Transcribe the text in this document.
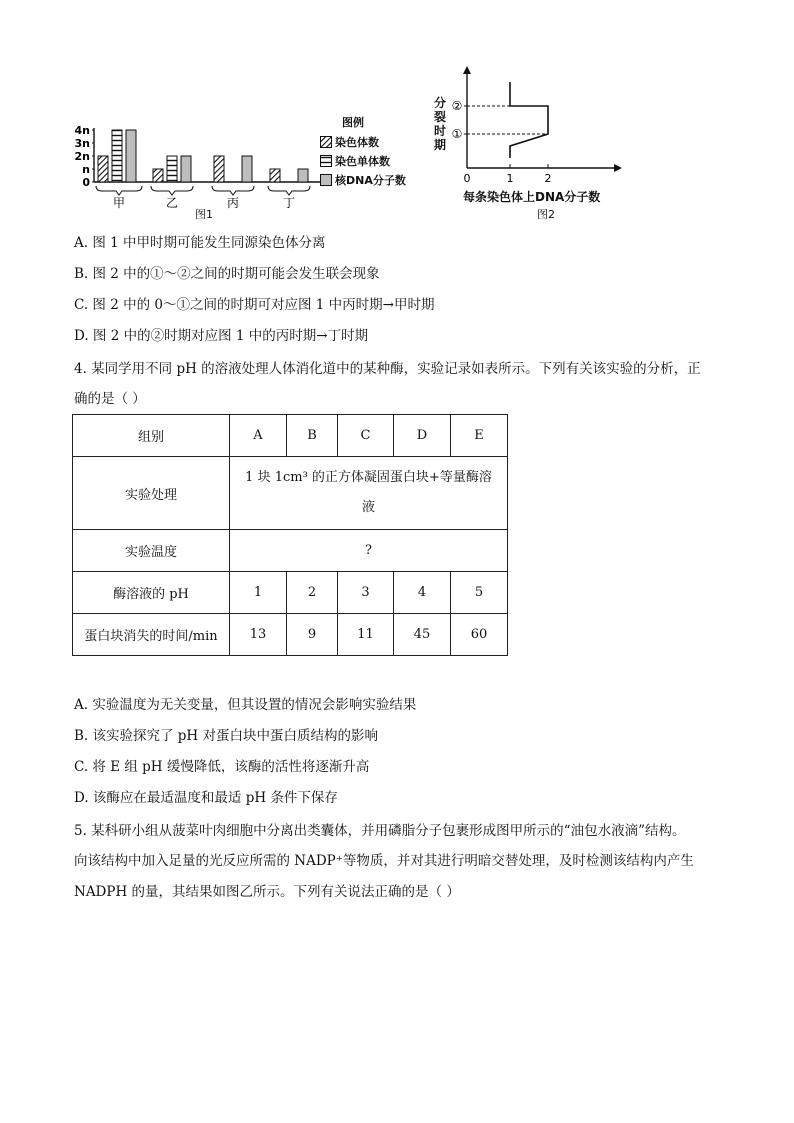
4n
3n
2n
n
0
甲	乙	丙	丁
图例
染色体数
染色单体数
核DNA分子数
图1
②
①
0	1	2
分裂时期
每条染色体上DNA分子数
图2
A. 图 1 中甲时期可能发生同源染色体分离
B. 图 2 中的①～②之间的时期可能会发生联会现象
C. 图 2 中的 0～①之间的时期可对应图 1 中丙时期→甲时期
D. 图 2 中的②时期对应图 1 中的丙时期→丁时期
4. 某同学用不同 pH 的溶液处理人体消化道中的某种酶，实验记录如表所示。下列有关该实验的分析，正
确的是（ ）
组别	A	B	C	D	E
实验处理	1 块 1cm³ 的正方体凝固蛋白块+等量酶溶
液				

实验温度	?				
酶溶液的 pH	1	2	3	4	5
蛋白块消失的时间/min	13	9	11	45	60
A. 实验温度为无关变量，但其设置的情况会影响实验结果
B. 该实验探究了 pH 对蛋白块中蛋白质结构的影响
C. 将 E 组 pH 缓慢降低，该酶的活性将逐渐升高
D. 该酶应在最适温度和最适 pH 条件下保存
5. 某科研小组从菠菜叶肉细胞中分离出类囊体，并用磷脂分子包裹形成图甲所示的“油包水液滴”结构。
向该结构中加入足量的光反应所需的 NADP⁺等物质，并对其进行明暗交替处理，及时检测该结构内产生
NADPH 的量，其结果如图乙所示。下列有关说法正确的是（ ）
